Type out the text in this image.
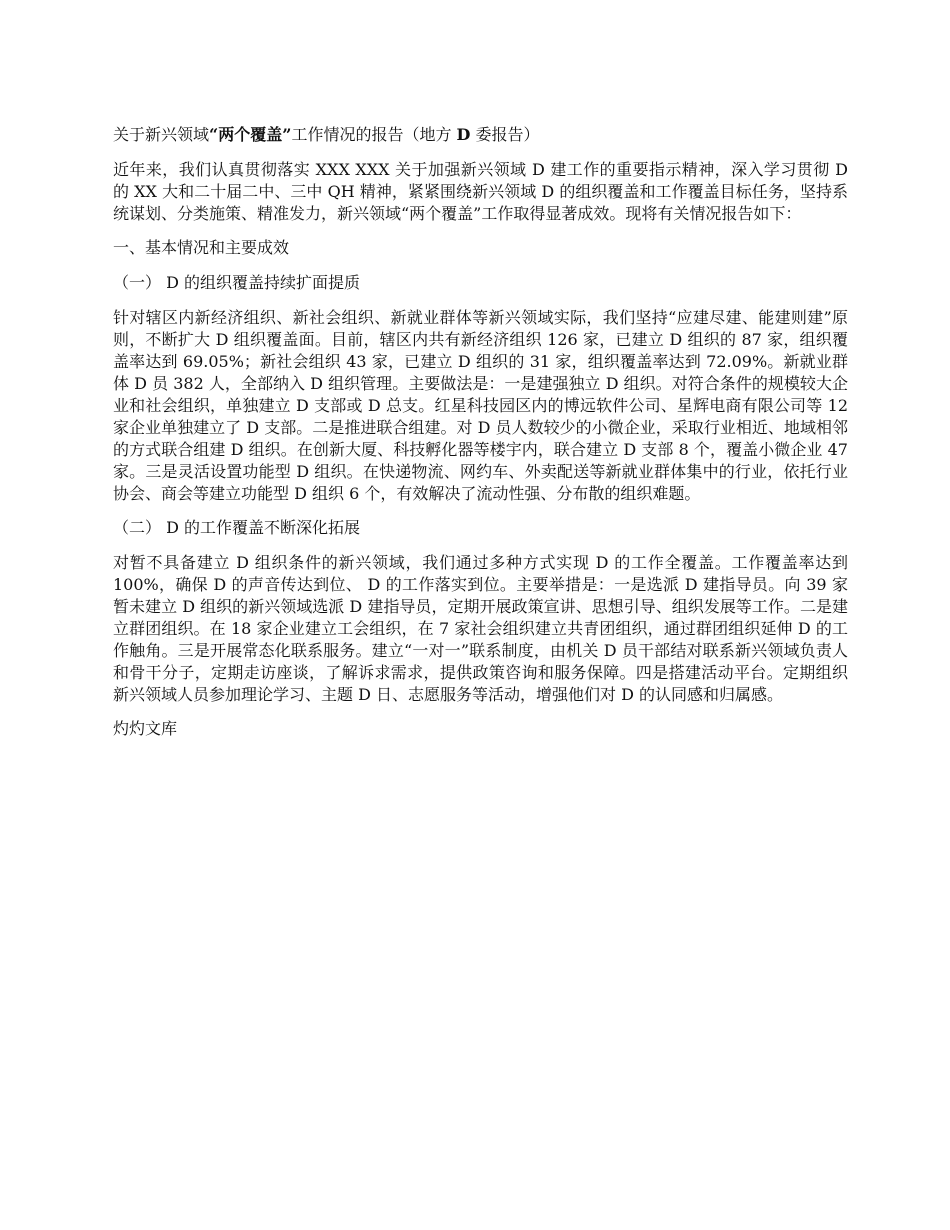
关于新兴领域“两个覆盖”工作情况的报告（地方 D 委报告）

近年来，我们认真贯彻落实 XXX XXX 关于加强新兴领域 D 建工作的重要指示精神，深入学习贯彻 D 的 XX 大和二十届二中、三中 QH 精神，紧紧围绕新兴领域 D 的组织覆盖和工作覆盖目标任务，坚持系统谋划、分类施策、精准发力，新兴领域“两个覆盖”工作取得显著成效。现将有关情况报告如下：

一、基本情况和主要成效

（一） D 的组织覆盖持续扩面提质

针对辖区内新经济组织、新社会组织、新就业群体等新兴领域实际，我们坚持“应建尽建、能建则建”原则，不断扩大 D 组织覆盖面。目前，辖区内共有新经济组织 126 家，已建立 D 组织的 87 家，组织覆盖率达到 69.05%；新社会组织 43 家，已建立 D 组织的 31 家，组织覆盖率达到 72.09%。新就业群体 D 员 382 人，全部纳入 D 组织管理。主要做法是：一是建强独立 D 组织。对符合条件的规模较大企业和社会组织，单独建立 D 支部或 D 总支。红星科技园区内的博远软件公司、星辉电商有限公司等 12 家企业单独建立了 D 支部。二是推进联合组建。对 D 员人数较少的小微企业，采取行业相近、地域相邻的方式联合组建 D 组织。在创新大厦、科技孵化器等楼宇内，联合建立 D 支部 8 个，覆盖小微企业 47 家。三是灵活设置功能型 D 组织。在快递物流、网约车、外卖配送等新就业群体集中的行业，依托行业协会、商会等建立功能型 D 组织 6 个，有效解决了流动性强、分布散的组织难题。

（二） D 的工作覆盖不断深化拓展

对暂不具备建立 D 组织条件的新兴领域，我们通过多种方式实现 D 的工作全覆盖。工作覆盖率达到 100%，确保 D 的声音传达到位、 D 的工作落实到位。主要举措是：一是选派 D 建指导员。向 39 家暂未建立 D 组织的新兴领域选派 D 建指导员，定期开展政策宣讲、思想引导、组织发展等工作。二是建立群团组织。在 18 家企业建立工会组织，在 7 家社会组织建立共青团组织，通过群团组织延伸 D 的工作触角。三是开展常态化联系服务。建立“一对一”联系制度，由机关 D 员干部结对联系新兴领域负责人和骨干分子，定期走访座谈，了解诉求需求，提供政策咨询和服务保障。四是搭建活动平台。定期组织新兴领域人员参加理论学习、主题 D 日、志愿服务等活动，增强他们对 D 的认同感和归属感。

灼灼文库
